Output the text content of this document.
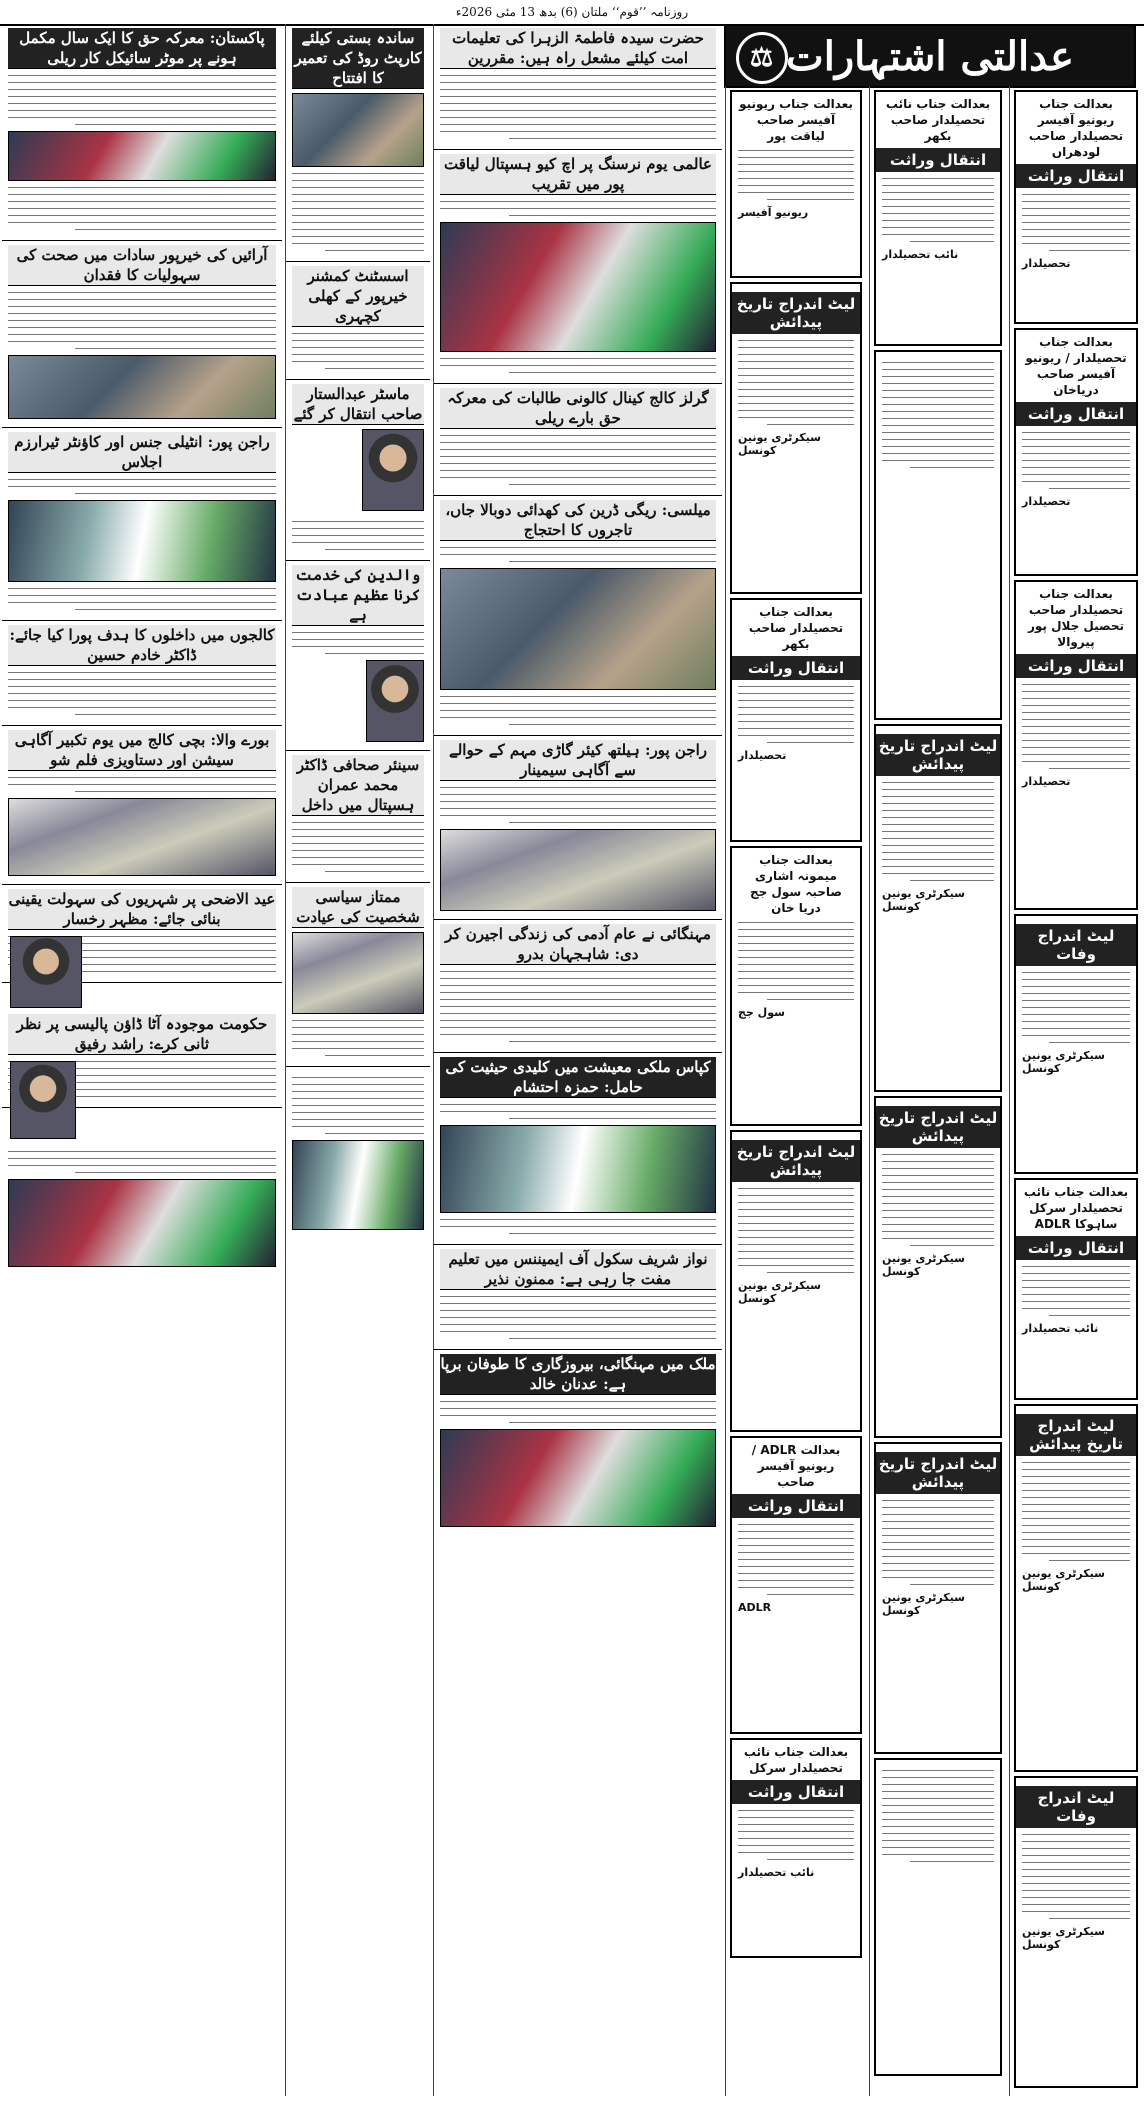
روزنامہ ’’قوم‘‘ ملتان (6) بدھ 13 مئی 2026ء
عدالتی اشتہارات
⚖
بعدالت جناب ریونیو آفیسر تحصیلدار صاحب لودھراں
انتقال وراثت
تحصیلدار
بعدالت جناب تحصیلدار / ریونیو آفیسر صاحب دریاخان
انتقال وراثت
تحصیلدار
بعدالت جناب تحصیلدار صاحب تحصیل جلال پور پیروالا
انتقال وراثت
تحصیلدار
لیٹ اندراج وفات
سیکرٹری یونین کونسل
بعدالت جناب نائب تحصیلدار سرکل ساہوکا ADLR
انتقال وراثت
نائب تحصیلدار
لیٹ اندراج تاریخ پیدائش
سیکرٹری یونین کونسل
لیٹ اندراج وفات
سیکرٹری یونین کونسل
بعدالت جناب نائب تحصیلدار صاحب بکھر
انتقال وراثت
نائب تحصیلدار
لیٹ اندراج تاریخ پیدائش
سیکرٹری یونین کونسل
لیٹ اندراج تاریخ پیدائش
سیکرٹری یونین کونسل
لیٹ اندراج تاریخ پیدائش
سیکرٹری یونین کونسل
بعدالت جناب ریونیو آفیسر صاحب لیاقت پور
ریونیو آفیسر
لیٹ اندراج تاریخ پیدائش
سیکرٹری یونین کونسل
بعدالت جناب تحصیلدار صاحب بکھر
انتقال وراثت
تحصیلدار
بعدالت جناب میمونہ اشاری صاحبہ سول جج دریا خان
سول جج
لیٹ اندراج تاریخ پیدائش
سیکرٹری یونین کونسل
بعدالت ADLR / ریونیو آفیسر صاحب
انتقال وراثت
ADLR
بعدالت جناب نائب تحصیلدار سرکل
انتقال وراثت
نائب تحصیلدار
حضرت سیدہ فاطمۃ الزہرا کی تعلیمات امت کیلئے مشعل راہ ہیں: مقررین
عالمی یوم نرسنگ پر اچ کیو ہسپتال لیاقت پور میں تقریب
گرلز کالج کینال کالونی طالبات کی معرکہ حق بارے ریلی
میلسی: ریگی ڈرین کی کھدائی دوبالا جاں، تاجروں کا احتجاج
راجن پور: ہیلتھ کیئر گاڑی مہم کے حوالے سے آگاہی سیمینار
مہنگائی نے عام آدمی کی زندگی اجیرن کر دی: شاہجہان بدرو
کپاس ملکی معیشت میں کلیدی حیثیت کی حامل: حمزہ احتشام
نواز شریف سکول آف ایمیننس میں تعلیم مفت جا رہی ہے: ممنون نذیر
ملک میں مہنگائی، بیروزگاری کا طوفان برپا ہے: عدنان خالد
ساندہ بستی کیلئے کارپٹ روڈ کی تعمیر کا افتتاح
اسسٹنٹ کمشنر خیرپور کے کھلی کچہری
ماسٹر عبدالستار صاحب انتقال کر گئے
والدین کی خدمت کرنا عظیم عبادت ہے
سینئر صحافی ڈاکٹر محمد عمران ہسپتال میں داخل
ممتاز سیاسی شخصیت کی عیادت
پاکستان: معرکہ حق کا ایک سال مکمل ہونے پر موٹر سائیکل کار ریلی
آرائیں کی خیرپور سادات میں صحت کی سہولیات کا فقدان
راجن پور: انٹیلی جنس اور کاؤنٹر ٹیرارزم اجلاس
کالجوں میں داخلوں کا ہدف پورا کیا جائے: ڈاکٹر خادم حسین
بورے والا: بچی کالج میں یوم تکبیر آگاہی سیشن اور دستاویزی فلم شو
عید الاضحی پر شہریوں کی سہولت یقینی بنائی جائے: مظہر رخسار
حکومت موجودہ آٹا ڈاؤن پالیسی پر نظر ثانی کرے: راشد رفیق
